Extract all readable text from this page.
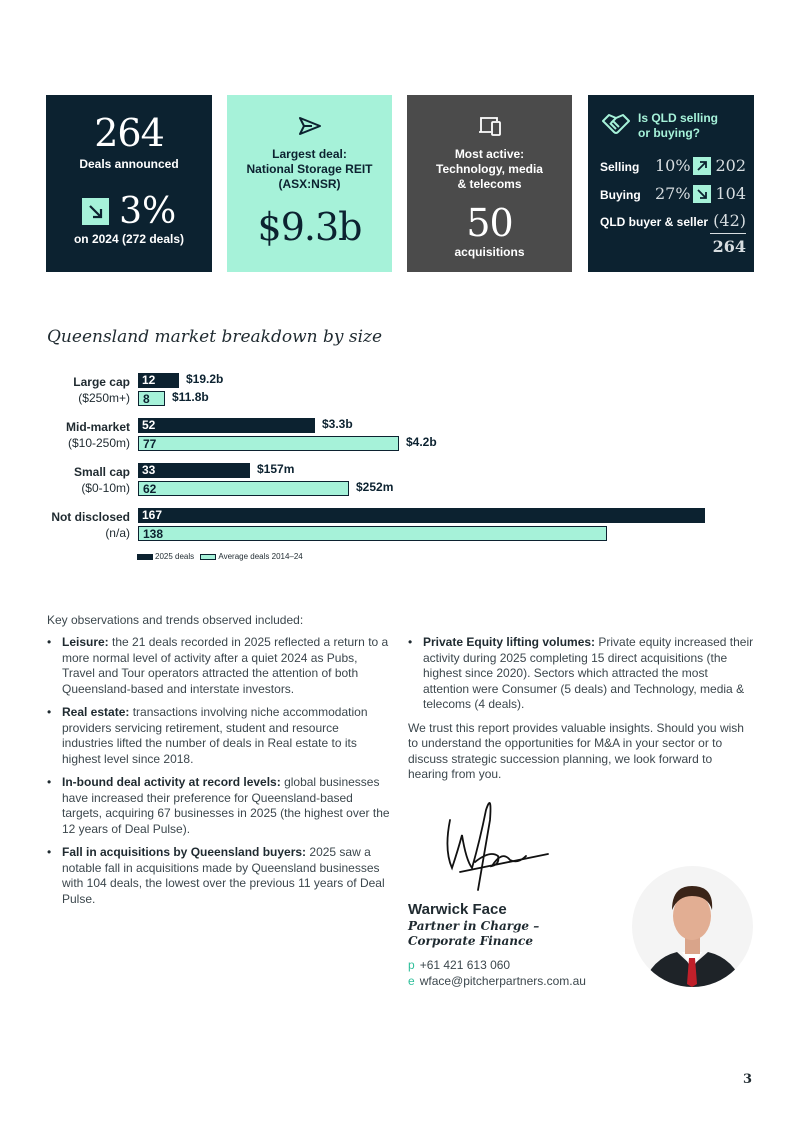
264
Deals announced
3%
on 2024 (272 deals)
Largest deal:
National Storage REIT
(ASX:NSR)
$9.3b
Most active:
Technology, media
& telecoms
50
acquisitions
Is QLD selling
or buying?
Selling 10% 202
Buying 27% 104
QLD buyer & seller (42)
264
Queensland market breakdown by size
Large cap
($250m+)
12	$19.2b
8 $11.8b
Mid-market
($10-250m)
52	$3.3b
77	$4.2b
Small cap
($0-10m)
33	$157m
62	$252m
Not disclosed
(n/a)
167
138
2025 deals	Average deals 2014–24
Key observations and trends observed included:
• Leisure: the 21 deals recorded in 2025 reflected a return to a more normal level of activity after a quiet 2024 as Pubs, Travel and Tour operators attracted the attention of both Queensland-based and interstate investors.
• Real estate: transactions involving niche accommodation providers servicing retirement, student and resource industries lifted the number of deals in Real estate to its highest level since 2018.
• In-bound deal activity at record levels: global businesses have increased their preference for Queensland-based targets, acquiring 67 businesses in 2025 (the highest over the 12 years of Deal Pulse).
• Fall in acquisitions by Queensland buyers: 2025 saw a notable fall in acquisitions made by Queensland businesses with 104 deals, the lowest over the previous 11 years of Deal Pulse.
• Private Equity lifting volumes: Private equity increased their activity during 2025 completing 15 direct acquisitions (the highest since 2020). Sectors which attracted the most attention were Consumer (5 deals) and Technology, media & telecoms (4 deals).
We trust this report provides valuable insights. Should you wish to understand the opportunities for M&A in your sector or to discuss strategic succession planning, we look forward to hearing from you.
Warwick Face
Partner in Charge –
Corporate Finance
p +61 421 613 060
e wface@pitcherpartners.com.au
3
